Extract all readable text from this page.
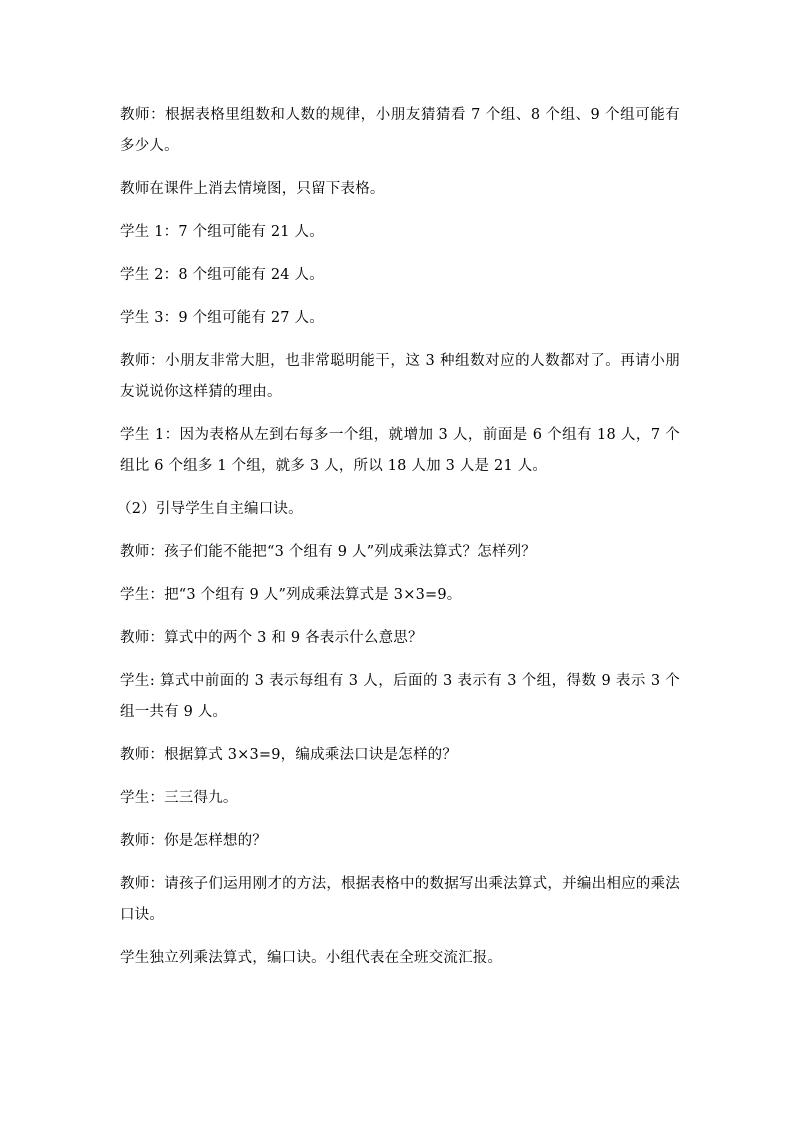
教师：根据表格里组数和人数的规律，小朋友猜猜看 7 个组、8 个组、9 个组可能有多少人。

教师在课件上消去情境图，只留下表格。

学生 1：7 个组可能有 21 人。

学生 2：8 个组可能有 24 人。

学生 3：9 个组可能有 27 人。

教师：小朋友非常大胆，也非常聪明能干，这 3 种组数对应的人数都对了。再请小朋友说说你这样猜的理由。

学生 1：因为表格从左到右每多一个组，就增加 3 人，前面是 6 个组有 18 人，7 个组比 6 个组多 1 个组，就多 3 人，所以 18 人加 3 人是 21 人。

（2）引导学生自主编口诀。

教师：孩子们能不能把“3 个组有 9 人”列成乘法算式？怎样列？

学生：把“3 个组有 9 人”列成乘法算式是 3×3=9。

教师：算式中的两个 3 和 9 各表示什么意思？

学生: 算式中前面的 3 表示每组有 3 人，后面的 3 表示有 3 个组，得数 9 表示 3 个组一共有 9 人。

教师：根据算式 3×3=9，编成乘法口诀是怎样的？

学生：三三得九。

教师：你是怎样想的？

教师：请孩子们运用刚才的方法，根据表格中的数据写出乘法算式，并编出相应的乘法口诀。

学生独立列乘法算式，编口诀。小组代表在全班交流汇报。
